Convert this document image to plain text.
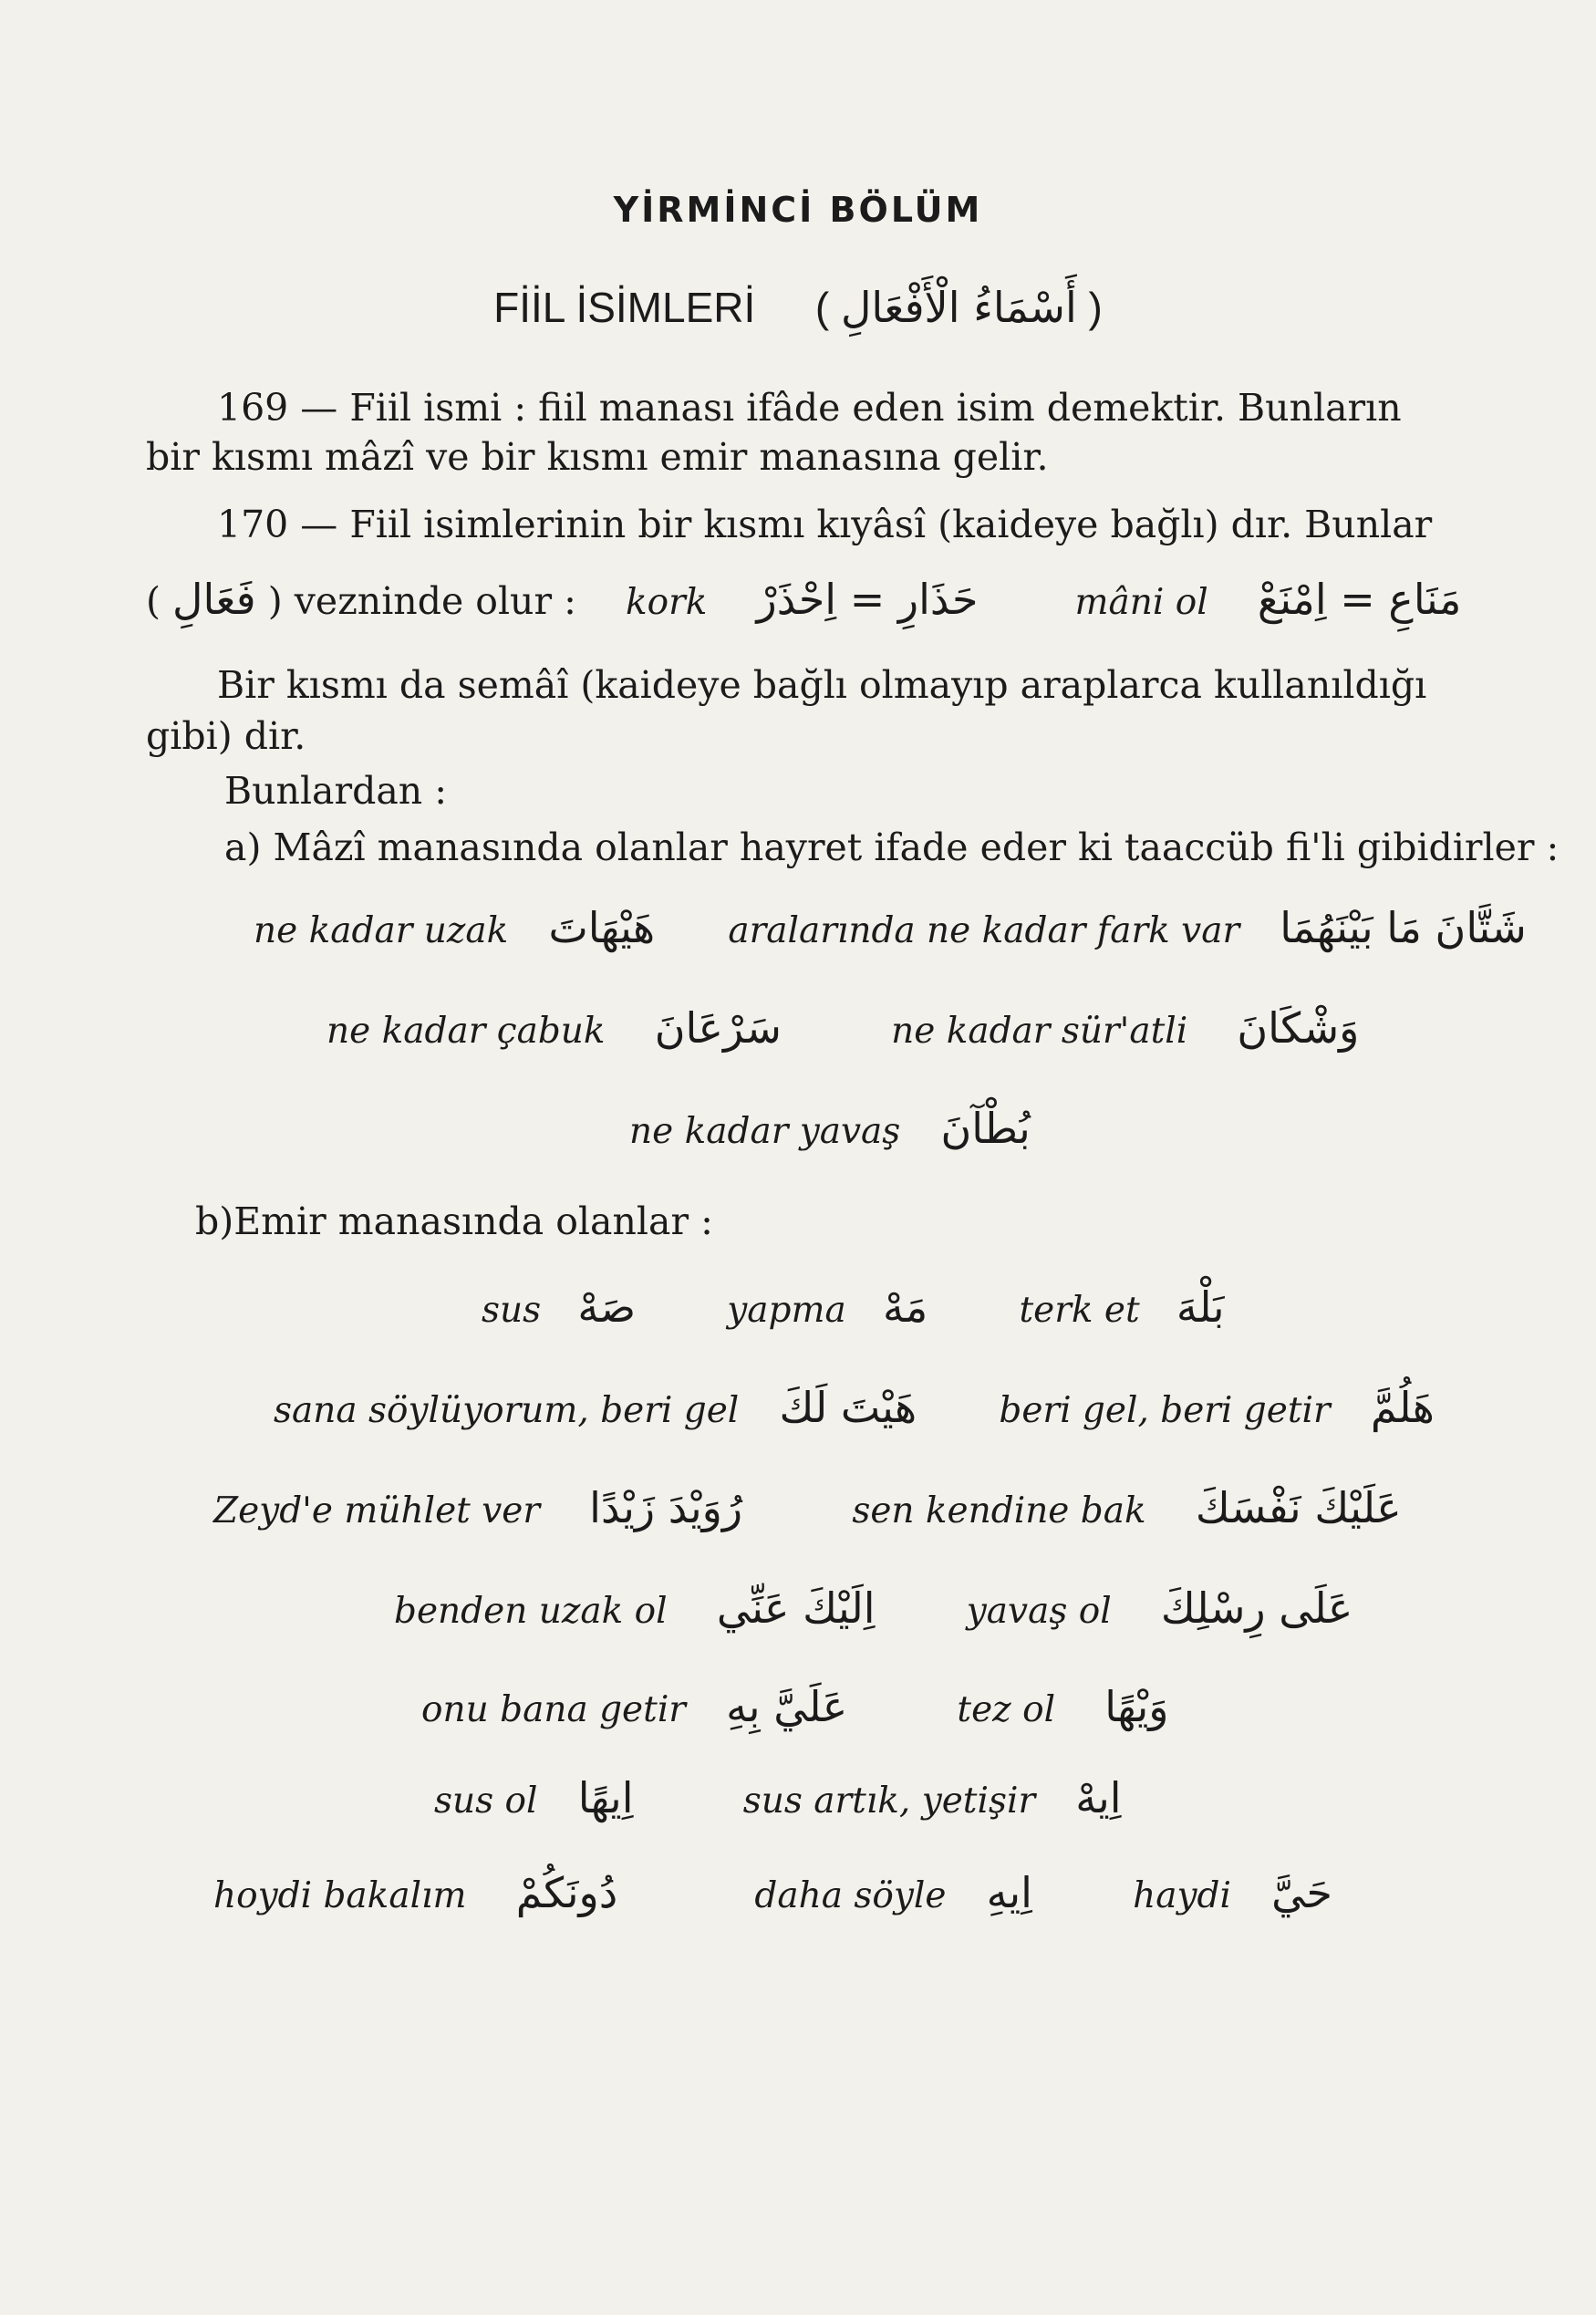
YİRMİNCİ BÖLÜM
FİİL İSİMLERİ ( أَسْمَاءُ الْأَفْعَالِ )
169 — Fiil ismi : fiil manası ifâde eden isim demektir. Bunların
bir kısmı mâzî ve bir kısmı emir manasına gelir.
170 — Fiil isimlerinin bir kısmı kıyâsî (kaideye bağlı) dır. Bunlar
( فَعَالِ ) vezninde olur : kork حَذَارِ = اِحْذَرْ	mâni ol مَنَاعِ = اِمْنَعْ
Bir kısmı da semâî (kaideye bağlı olmayıp araplarca kullanıldığı
gibi) dir.
Bunlardan :
a) Mâzî manasında olanlar hayret ifade eder ki taaccüb fi'li gibidirler :
ne kadar uzak هَيْهَاتَ aralarında ne kadar fark var شَتَّانَ مَا بَيْنَهُمَا
ne kadar çabuk سَرْعَانَ	ne kadar sür'atli وَشْكَانَ
ne kadar yavaş بُطْآنَ
b)Emir manasında olanlar :
sus صَهْ	yapma مَهْ	terk et بَلْهَ
sana söylüyorum, beri gel هَيْتَ لَكَ beri gel, beri getir هَلُمَّ
Zeyd'e mühlet ver رُوَيْدَ زَيْدًا	sen kendine bak عَلَيْكَ نَفْسَكَ
benden uzak ol اِلَيْكَ عَنِّي	yavaş ol عَلَى رِسْلِكَ
onu bana getir عَلَيَّ بِهِ	tez ol وَيْهًا
sus ol اِيهًا	sus artık, yetişir اِيهْ
hoydi bakalım دُونَكُمْ	daha söyle اِيهِ	haydi حَيَّ
